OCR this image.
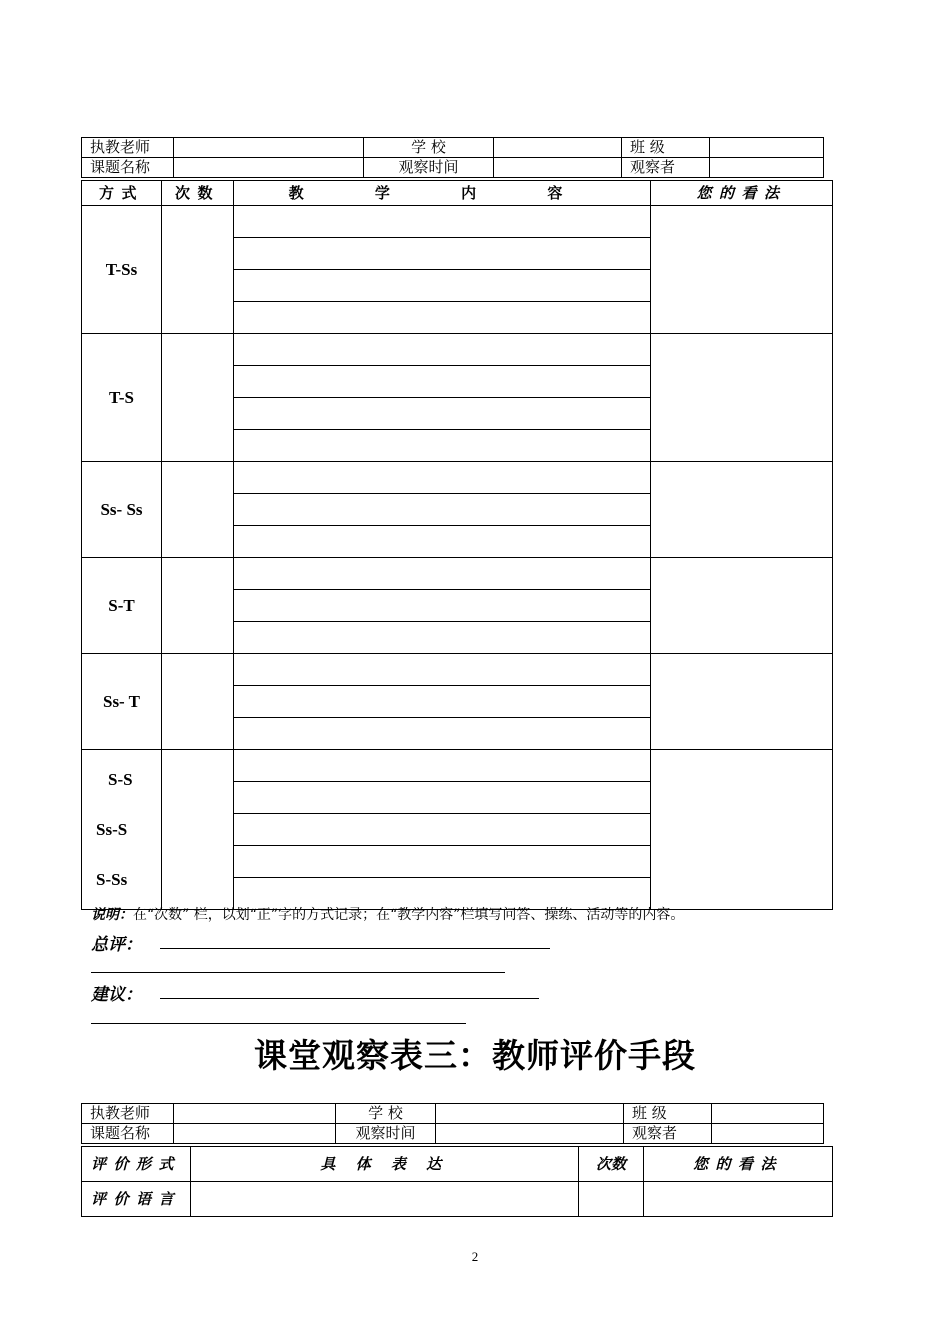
执教老师		学 校		班 级	
课题名称		观察时间		观察者	
方式	次数	教 学 内 容	您的看法
T-Ss			

T-S			

Ss- Ss			

S-T			

Ss- T			

S-S
Ss-S
S-Ss			

说明：在“次数” 栏，以划“正”字的方式记录；在“教学内容”栏填写问答、操练、活动等的内容。
总评：
建议：
课堂观察表三：教师评价手段
执教老师		学 校		班 级	
课题名称		观察时间		观察者	
评价形式	具 体 表 达	次数	您的看法
评价语言			
2
